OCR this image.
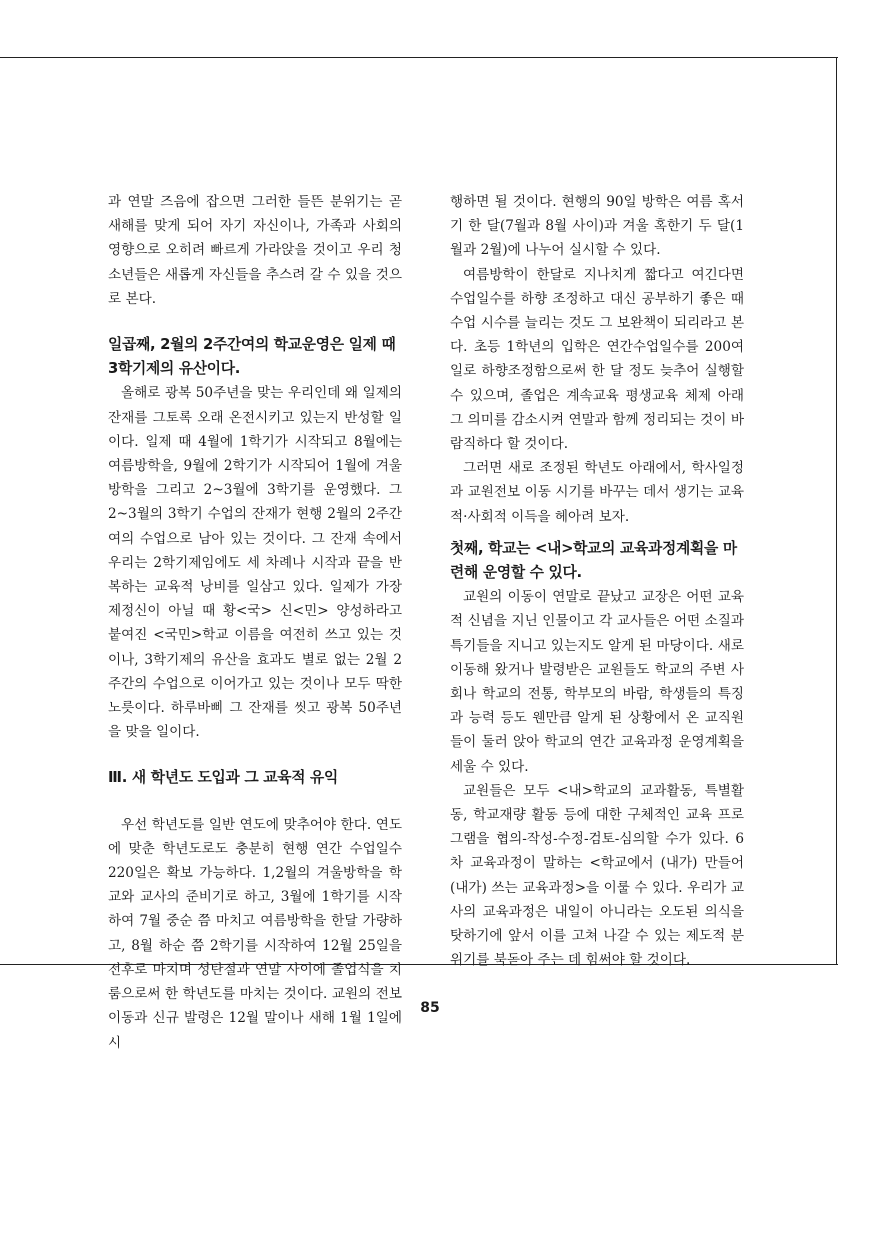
과 연말 즈음에 잡으면 그러한 들뜬 분위기는 곧 새해를 맞게 되어 자기 자신이나, 가족과 사회의 영향으로 오히려 빠르게 가라앉을 것이고 우리 청소년들은 새롭게 자신들을 추스려 갈 수 있을 것으로 본다.

일곱째, 2월의 2주간여의 학교운영은 일제 때 3학기제의 유산이다.

올해로 광복 50주년을 맞는 우리인데 왜 일제의 잔재를 그토록 오래 온전시키고 있는지 반성할 일이다. 일제 때 4월에 1학기가 시작되고 8월에는 여름방학을, 9월에 2학기가 시작되어 1월에 겨울방학을 그리고 2~3월에 3학기를 운영했다. 그 2~3월의 3학기 수업의 잔재가 현행 2월의 2주간여의 수업으로 남아 있는 것이다. 그 잔재 속에서 우리는 2학기제임에도 세 차례나 시작과 끝을 반복하는 교육적 낭비를 일삼고 있다. 일제가 가장 제정신이 아닐 때 황<국> 신<민> 양성하라고 붙여진 <국민>학교 이름을 여전히 쓰고 있는 것이나, 3학기제의 유산을 효과도 별로 없는 2월 2주간의 수업으로 이어가고 있는 것이나 모두 딱한 노릇이다. 하루바삐 그 잔재를 씻고 광복 50주년을 맞을 일이다.

Ⅲ. 새 학년도 도입과 그 교육적 유익

우선 학년도를 일반 연도에 맞추어야 한다. 연도에 맞춘 학년도로도 충분히 현행 연간 수업일수 220일은 확보 가능하다. 1,2월의 겨울방학을 학교와 교사의 준비기로 하고, 3월에 1학기를 시작하여 7월 중순 쯤 마치고 여름방학을 한달 가량하고, 8월 하순 쯤 2학기를 시작하여 12월 25일을 전후로 마치며 성탄절과 연말 사이에 졸업식을 치룸으로써 한 학년도를 마치는 것이다. 교원의 전보 이동과 신규 발령은 12월 말이나 새해 1월 1일에 시

행하면 될 것이다. 현행의 90일 방학은 여름 혹서기 한 달(7월과 8월 사이)과 겨울 혹한기 두 달(1월과 2월)에 나누어 실시할 수 있다.

여름방학이 한달로 지나치게 짧다고 여긴다면 수업일수를 하향 조정하고 대신 공부하기 좋은 때 수업 시수를 늘리는 것도 그 보완책이 되리라고 본다. 초등 1학년의 입학은 연간수업일수를 200여일로 하향조정함으로써 한 달 정도 늦추어 실행할 수 있으며, 졸업은 계속교육 평생교육 체제 아래 그 의미를 감소시켜 연말과 함께 정리되는 것이 바람직하다 할 것이다.

그러면 새로 조정된 학년도 아래에서, 학사일정과 교원전보 이동 시기를 바꾸는 데서 생기는 교육적·사회적 이득을 헤아려 보자.

첫째, 학교는 <내>학교의 교육과정계획을 마련해 운영할 수 있다.

교원의 이동이 연말로 끝났고 교장은 어떤 교육적 신념을 지닌 인물이고 각 교사들은 어떤 소질과 특기들을 지니고 있는지도 알게 된 마당이다. 새로 이동해 왔거나 발령받은 교원들도 학교의 주변 사회나 학교의 전통, 학부모의 바람, 학생들의 특징과 능력 등도 웬만큼 알게 된 상황에서 온 교직원들이 둘러 앉아 학교의 연간 교육과정 운영계획을 세울 수 있다.

교원들은 모두 <내>학교의 교과활동, 특별활동, 학교재량 활동 등에 대한 구체적인 교육 프로그램을 협의-작성-수정-검토-심의할 수가 있다. 6차 교육과정이 말하는 <학교에서 (내가) 만들어 (내가) 쓰는 교육과정>을 이룰 수 있다. 우리가 교사의 교육과정은 내일이 아니라는 오도된 의식을 탓하기에 앞서 이를 고쳐 나갈 수 있는 제도적 분위기를 북돋아 주는 데 힘써야 할 것이다.

85
